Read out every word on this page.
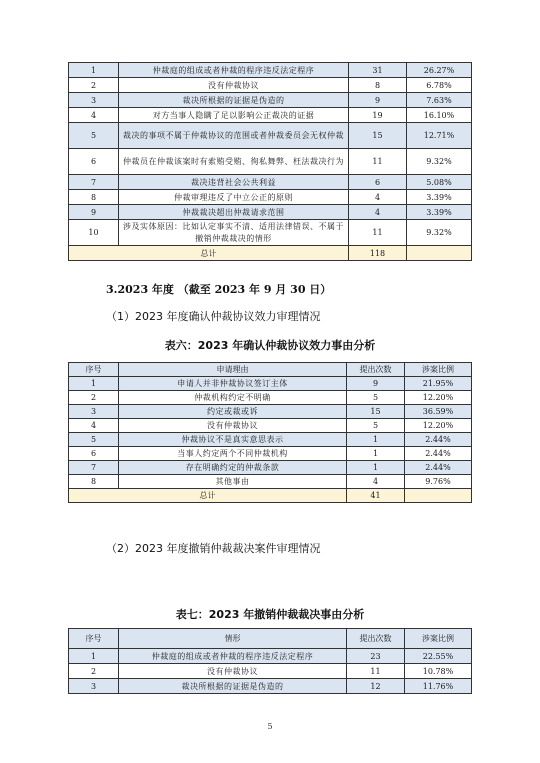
1	仲裁庭的组成或者仲裁的程序违反法定程序	31	26.27%
2	没有仲裁协议	8	6.78%
3	裁决所根据的证据是伪造的	9	7.63%
4	对方当事人隐瞒了足以影响公正裁决的证据	19	16.10%
5	裁决的事项不属于仲裁协议的范围或者仲裁委员会无权仲裁	15	12.71%
6	仲裁员在仲裁该案时有索贿受贿、徇私舞弊、枉法裁决行为	11	9.32%
7	裁决违背社会公共利益	6	5.08%
8	仲裁审理违反了中立公正的原则	4	3.39%
9	仲裁裁决超出仲裁请求范围	4	3.39%
10	涉及实体原因：比如认定事实不清、适用法律错误、不属于撤销仲裁裁决的情形	11	9.32%
总计		118	
3.2023 年度 （截至 2023 年 9 月 30 日）
（1）2023 年度确认仲裁协议效力审理情况
表六：2023 年确认仲裁协议效力事由分析
序号	申请理由	提出次数	涉案比例
1	申请人并非仲裁协议签订主体	9	21.95%
2	仲裁机构约定不明确	5	12.20%
3	约定或裁或诉	15	36.59%
4	没有仲裁协议	5	12.20%
5	仲裁协议不是真实意思表示	1	2.44%
6	当事人约定两个不同仲裁机构	1	2.44%
7	存在明确约定的仲裁条款	1	2.44%
8	其他事由	4	9.76%
总计		41	
（2）2023 年度撤销仲裁裁决案件审理情况
表七：2023 年撤销仲裁裁决事由分析
序号	情形	提出次数	涉案比例
1	仲裁庭的组成或者仲裁的程序违反法定程序	23	22.55%
2	没有仲裁协议	11	10.78%
3	裁决所根据的证据是伪造的	12	11.76%
5
